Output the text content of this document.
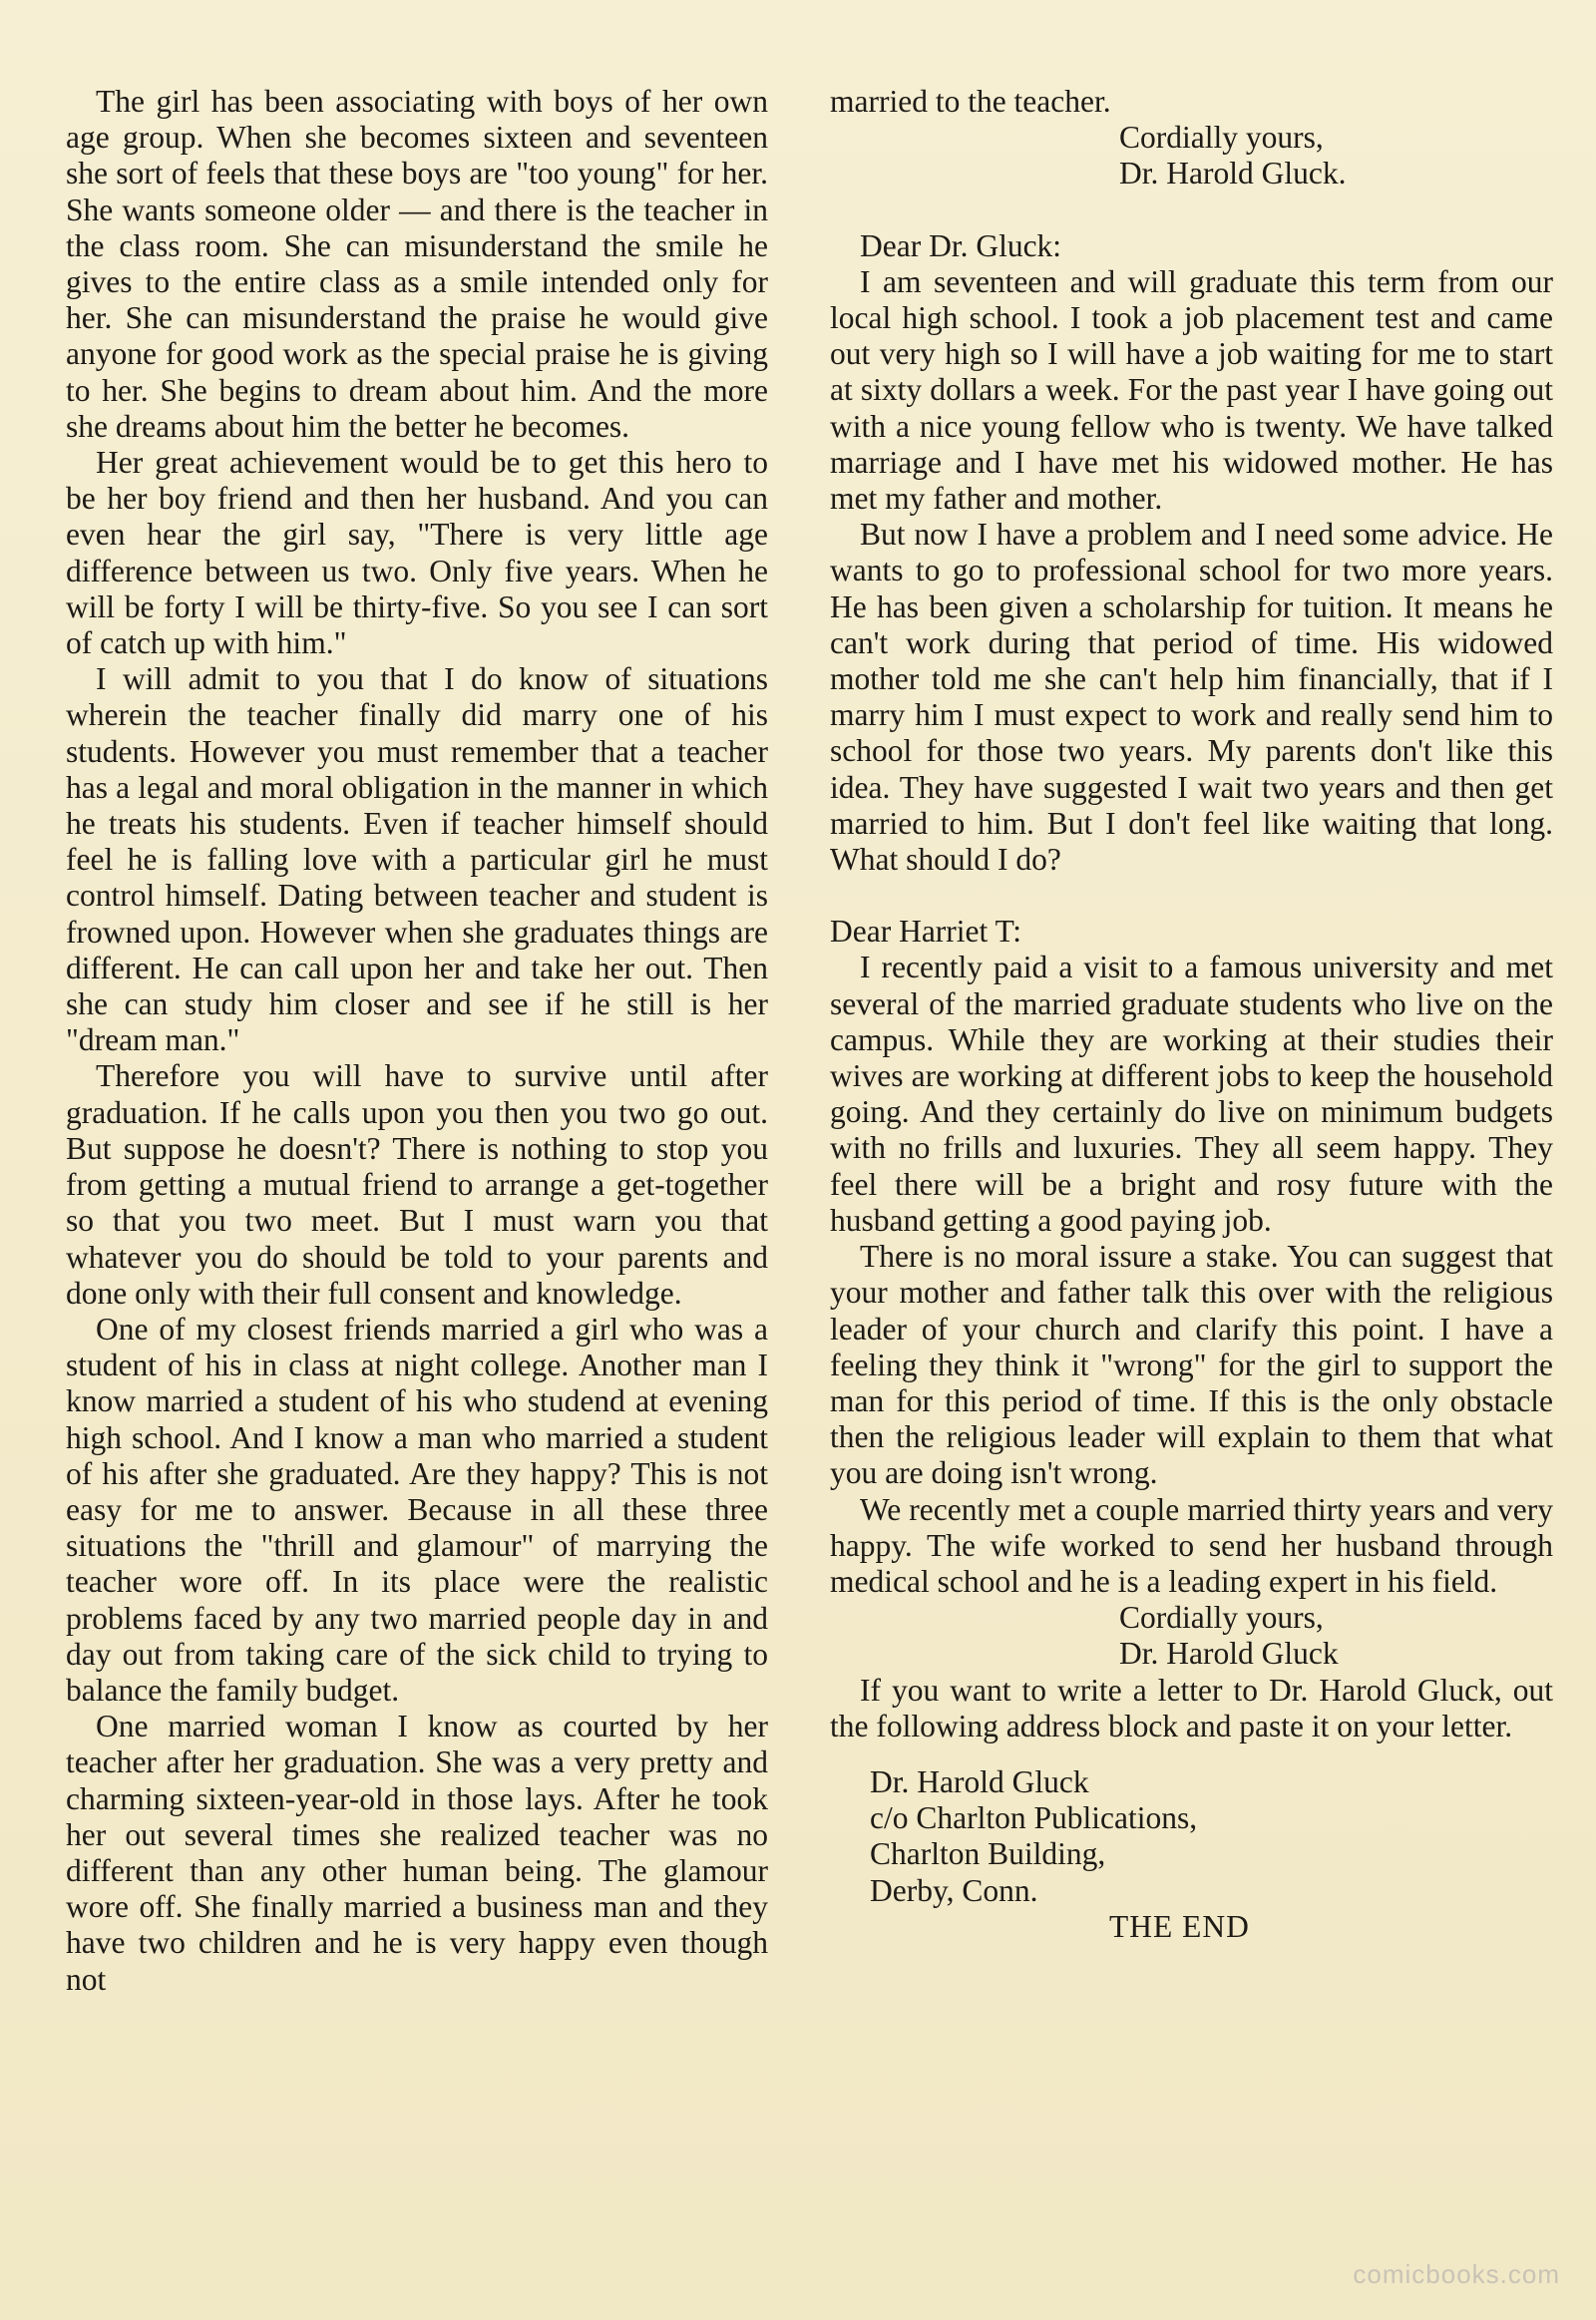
The girl has been associating with boys of her own age group. When she becomes sixteen and seventeen she sort of feels that these boys are "too young" for her. She wants someone older — and there is the teacher in the class room. She can misunderstand the smile he gives to the entire class as a smile intended only for her. She can misunderstand the praise he would give anyone for good work as the special praise he is giving to her. She begins to dream about him. And the more she dreams about him the better he becomes.

Her great achievement would be to get this hero to be her boy friend and then her husband. And you can even hear the girl say, "There is very little age difference between us two. Only five years. When he will be forty I will be thirty-five. So you see I can sort of catch up with him."

I will admit to you that I do know of situations wherein the teacher finally did marry one of his students. However you must remember that a teacher has a legal and moral obligation in the manner in which he treats his students. Even if teacher himself should feel he is falling love with a particular girl he must control himself. Dating between teacher and student is frowned upon. However when she graduates things are different. He can call upon her and take her out. Then she can study him closer and see if he still is her "dream man."

Therefore you will have to survive until after graduation. If he calls upon you then you two go out. But suppose he doesn't? There is nothing to stop you from getting a mutual friend to arrange a get-together so that you two meet. But I must warn you that whatever you do should be told to your parents and done only with their full consent and knowledge.

One of my closest friends married a girl who was a student of his in class at night college. Another man I know married a student of his who studend at evening high school. And I know a man who married a student of his after she graduated. Are they happy? This is not easy for me to answer. Because in all these three situations the "thrill and glamour" of marrying the teacher wore off. In its place were the realistic problems faced by any two married people day in and day out from taking care of the sick child to trying to balance the family budget.

One married woman I know as courted by her teacher after her graduation. She was a very pretty and charming sixteen-year-old in those lays. After he took her out several times she realized teacher was no different than any other human being. The glamour wore off. She finally married a business man and they have two children and he is very happy even though not

married to the teacher.

Cordially yours,

Dr. Harold Gluck.

Dear Dr. Gluck:

I am seventeen and will graduate this term from our local high school. I took a job placement test and came out very high so I will have a job waiting for me to start at sixty dollars a week. For the past year I have going out with a nice young fellow who is twenty. We have talked marriage and I have met his widowed mother. He has met my father and mother.

But now I have a problem and I need some advice. He wants to go to professional school for two more years. He has been given a scholarship for tuition. It means he can't work during that period of time. His widowed mother told me she can't help him financially, that if I marry him I must expect to work and really send him to school for those two years. My parents don't like this idea. They have suggested I wait two years and then get married to him. But I don't feel like waiting that long. What should I do?

Dear Harriet T:

I recently paid a visit to a famous university and met several of the married graduate students who live on the campus. While they are working at their studies their wives are working at different jobs to keep the household going. And they certainly do live on minimum budgets with no frills and luxuries. They all seem happy. They feel there will be a bright and rosy future with the husband getting a good paying job.

There is no moral issure a stake. You can suggest that your mother and father talk this over with the religious leader of your church and clarify this point. I have a feeling they think it "wrong" for the girl to support the man for this period of time. If this is the only obstacle then the religious leader will explain to them that what you are doing isn't wrong.

We recently met a couple married thirty years and very happy. The wife worked to send her husband through medical school and he is a leading expert in his field.

Cordially yours,

Dr. Harold Gluck

If you want to write a letter to Dr. Harold Gluck, out the following address block and paste it on your letter.

Dr. Harold Gluck

c/o Charlton Publications,

Charlton Building,

Derby, Conn.

THE END

comicbooks.com
